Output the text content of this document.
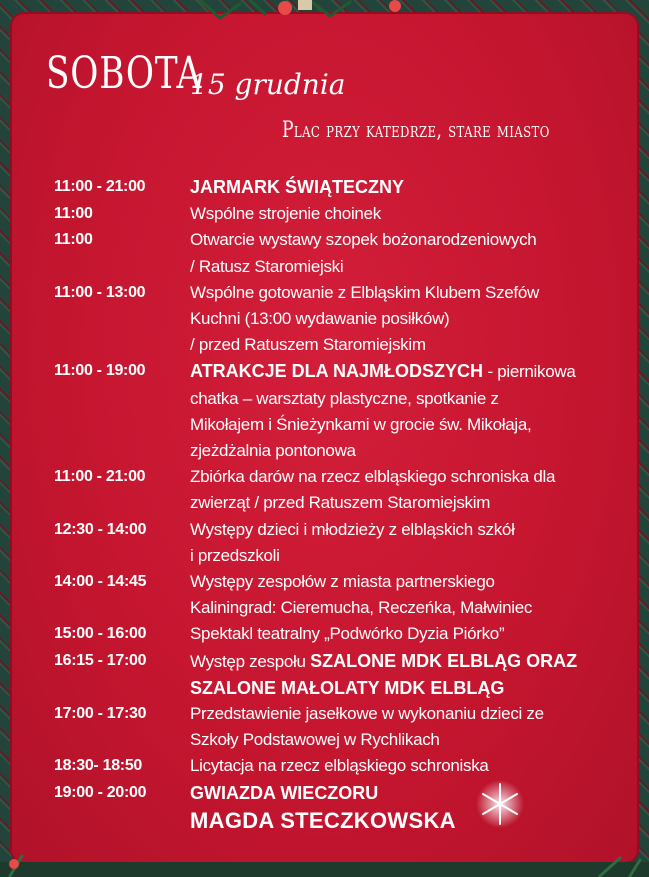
SOBOTA
15 grudnia
Plac przy katedrze, stare miasto
11:00 - 21:00	JARMARK ŚWIĄTECZNY
11:00	Wspólne strojenie choinek
11:00	Otwarcie wystawy szopek bożonarodzeniowych
/ Ratusz Staromiejski
11:00 - 13:00	Wspólne gotowanie z Elbląskim Klubem Szefów
Kuchni (13:00 wydawanie posiłków)
/ przed Ratuszem Staromiejskim
11:00 - 19:00	ATRAKCJE DLA NAJMŁODSZYCH - piernikowa
chatka – warsztaty plastyczne, spotkanie z
Mikołajem i Śnieżynkami w grocie św. Mikołaja,
zjeżdżalnia pontonowa
11:00 - 21:00	Zbiórka darów na rzecz elbląskiego schroniska dla
zwierząt / przed Ratuszem Staromiejskim
12:30 - 14:00	Występy dzieci i młodzieży z elbląskich szkół
i przedszkoli
14:00 - 14:45	Występy zespołów z miasta partnerskiego
Kaliningrad: Cieremucha, Reczeńka, Małwiniec
15:00 - 16:00	Spektakl teatralny „Podwórko Dyzia Piórko”
16:15 - 17:00	Występ zespołu SZALONE MDK ELBLĄG ORAZ
SZALONE MAŁOLATY MDK ELBLĄG
17:00 - 17:30	Przedstawienie jasełkowe w wykonaniu dzieci ze
Szkoły Podstawowej w Rychlikach
18:30- 18:50	Licytacja na rzecz elbląskiego schroniska
19:00 - 20:00	GWIAZDA WIECZORU
MAGDA STECZKOWSKA
